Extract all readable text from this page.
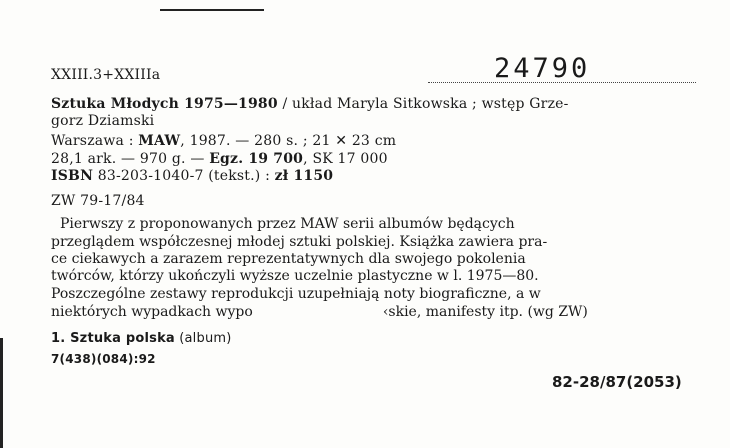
XXIII.3+XXIIIa	24790
Sztuka Młodych 1975—1980 / układ Maryla Sitkowska ; wstęp Grze-
gorz Dziamski
Warszawa : MAW, 1987. — 280 s. ; 21 ✕ 23 cm
28,1 ark. — 970 g. — Egz. 19 700, SK 17 000
ISBN 83-203-1040-7 (tekst.) : zł 1150
ZW 79-17/84
Pierwszy z proponowanych przez MAW serii albumów będących
przeglądem współczesnej młodej sztuki polskiej. Książka zawiera pra-
ce ciekawych a zarazem reprezentatywnych dla swojego pokolenia
twórców, którzy ukończyli wyższe uczelnie plastyczne w l. 1975—80.
Poszczególne zestawy reprodukcji uzupełniają noty biograficzne, a w
niektórych wypadkach wypo	‹skie, manifesty itp. (wg ZW)
1. Sztuka polska (album)
7(438)(084):92
82-28/87(2053)
